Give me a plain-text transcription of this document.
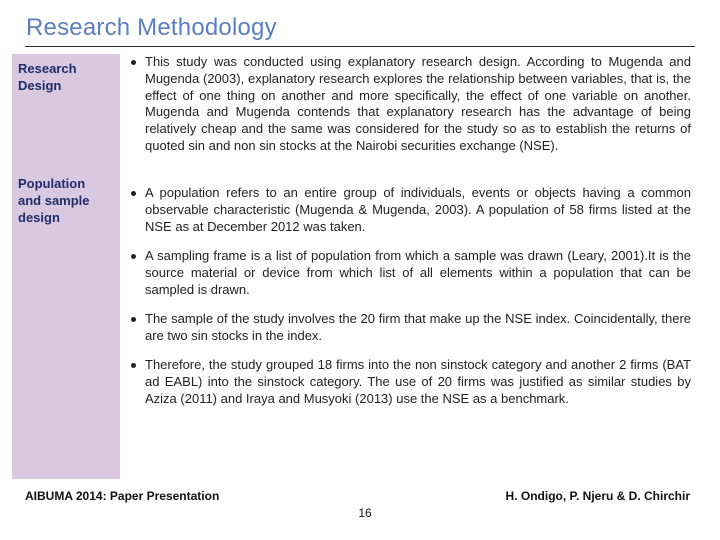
Research Methodology
Research
Design
Population
and sample
design
This study was conducted using explanatory research design. According to Mugenda and Mugenda (2003), explanatory research explores the relationship between variables, that is, the effect of one thing on another and more specifically, the effect of one variable on another. Mugenda and Mugenda contends that explanatory research has the advantage of being relatively cheap and the same was considered for the study so as to establish the returns of quoted sin and non sin stocks at the Nairobi securities exchange (NSE).
A population refers to an entire group of individuals, events or objects having a common observable characteristic (Mugenda & Mugenda, 2003). A population of 58 firms listed at the NSE as at December 2012 was taken.
A sampling frame is a list of population from which a sample was drawn (Leary, 2001).It is the source material or device from which list of all elements within a population that can be sampled is drawn.
The sample of the study involves the 20 firm that make up the NSE index. Coincidentally, there are two sin stocks in the index.
Therefore, the study grouped 18 firms into the non sinstock category and another 2 firms (BAT ad EABL) into the sinstock category. The use of 20 firms was justified as similar studies by Aziza (2011) and Iraya and Musyoki (2013) use the NSE as a benchmark.
AIBUMA 2014: Paper Presentation	H. Ondigo, P. Njeru & D. Chirchir
16
